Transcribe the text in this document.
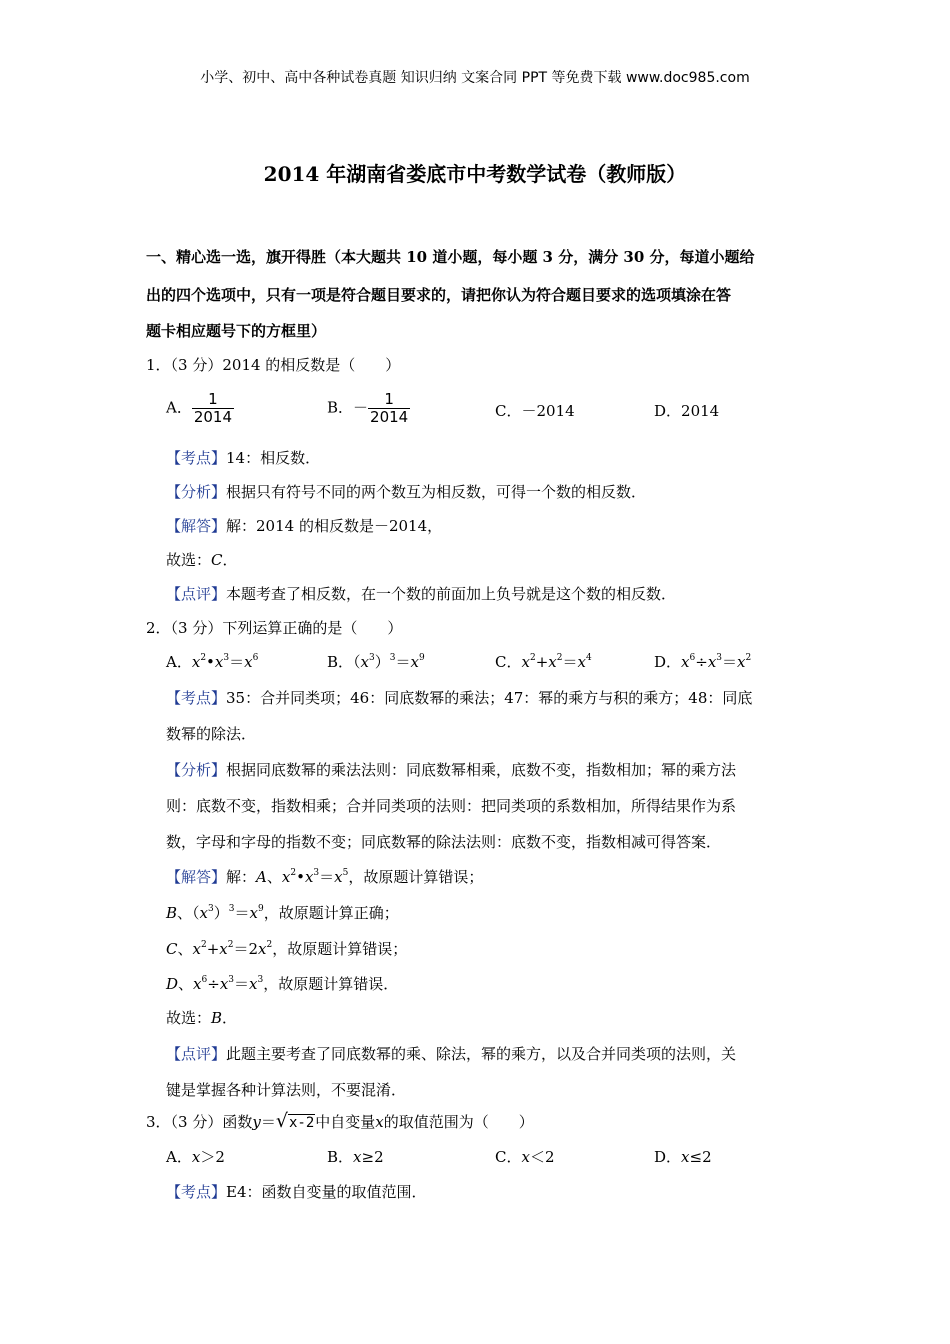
小学、初中、高中各种试卷真题 知识归纳 文案合同 PPT 等免费下载 www.doc985.com
2014 年湖南省娄底市中考数学试卷（教师版）
一、精心选一选，旗开得胜（本大题共 10 道小题，每小题 3 分，满分 30 分，每道小题给
出的四个选项中，只有一项是符合题目要求的，请把你认为符合题目要求的选项填涂在答
题卡相应题号下的方框里）
1．（3 分）2014 的相反数是（　　）
A． $\frac{1}{2014}$	B．－ $\frac{1}{2014}$	C．－2014	D．2014
【考点】14：相反数．
【分析】根据只有符号不同的两个数互为相反数，可得一个数的相反数．
【解答】解：2014 的相反数是－2014，
故选：C．
【点评】本题考查了相反数，在一个数的前面加上负号就是这个数的相反数．
2．（3 分）下列运算正确的是（　　）
A．$x^2•x^3=x^6$	B．$(x^3)^3=x^9$	C．$x^2+x^2=x^4$	D．$x^6\div x^3=x^2$
【考点】35：合并同类项；46：同底数幂的乘法；47：幂的乘方与积的乘方；48：同底
数幂的除法．
【分析】根据同底数幂的乘法法则：同底数幂相乘，底数不变，指数相加；幂的乘方法
则：底数不变，指数相乘；合并同类项的法则：把同类项的系数相加，所得结果作为系
数，字母和字母的指数不变；同底数幂的除法法则：底数不变，指数相减可得答案．
【解答】解：A、$x^2•x^3=x^5$，故原题计算错误；
B、$(x^3)^3=x^9$，故原题计算正确；
C、$x^2+x^2=2x^2$，故原题计算错误；
D、$x^6\div x^3=x^3$，故原题计算错误．
故选：B．
【点评】此题主要考查了同底数幂的乘、除法，幂的乘方，以及合并同类项的法则，关
键是掌握各种计算法则，不要混淆．
3．（3 分）函数y＝√x-2中自变量x的取值范围为（　　）
A．x＞2	B．x≥2	C．x＜2	D．x≤2
【考点】E4：函数自变量的取值范围．
